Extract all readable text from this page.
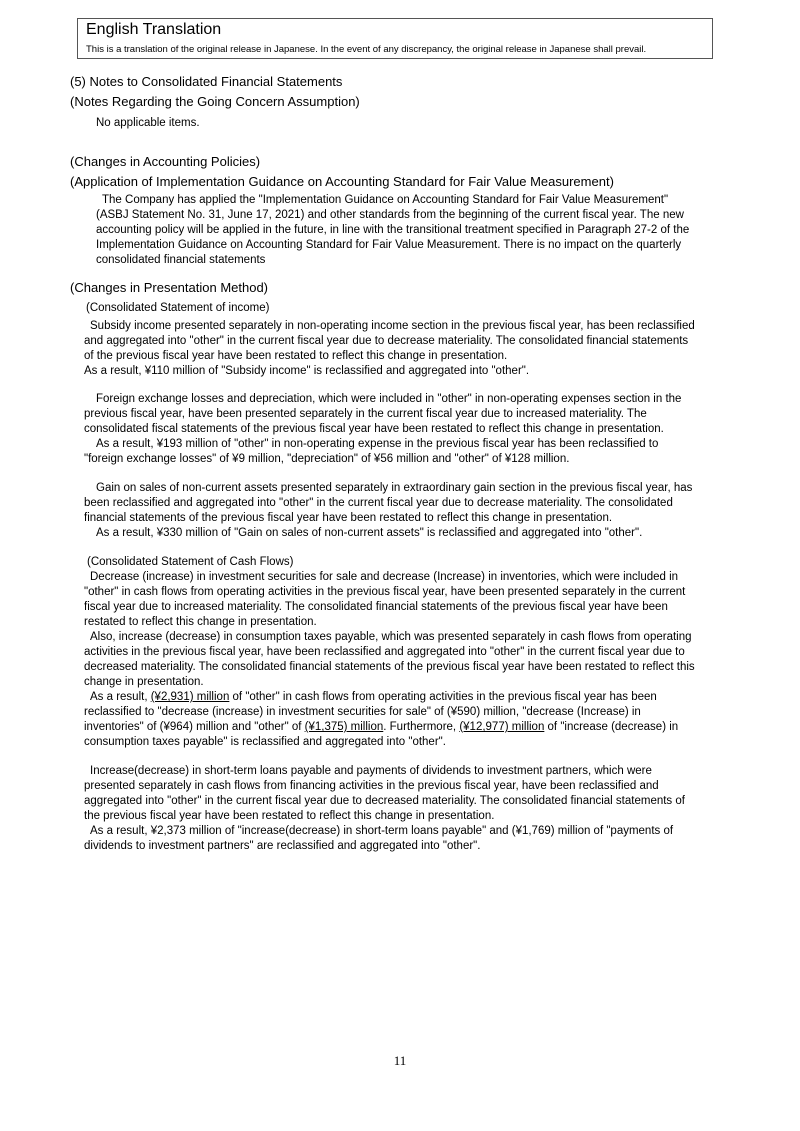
English Translation
This is a translation of the original release in Japanese. In the event of any discrepancy, the original release in Japanese shall prevail.
(5) Notes to Consolidated Financial Statements
(Notes Regarding the Going Concern Assumption)
No applicable items.
(Changes in Accounting Policies)
(Application of Implementation Guidance on Accounting Standard for Fair Value Measurement)
The Company has applied the "Implementation Guidance on Accounting Standard for Fair Value Measurement"
(ASBJ Statement No. 31, June 17, 2021) and other standards from the beginning of the current fiscal year. The new
accounting policy will be applied in the future, in line with the transitional treatment specified in Paragraph 27-2 of the
Implementation Guidance on Accounting Standard for Fair Value Measurement. There is no impact on the quarterly
consolidated financial statements
(Changes in Presentation Method)
(Consolidated Statement of income)
Subsidy income presented separately in non-operating income section in the previous fiscal year, has been reclassified
and aggregated into "other" in the current fiscal year due to decrease materiality. The consolidated financial statements
of the previous fiscal year have been restated to reflect this change in presentation.
As a result, ¥110 million of "Subsidy income" is reclassified and aggregated into "other".
Foreign exchange losses and depreciation, which were included in "other" in non-operating expenses section in the
previous fiscal year, have been presented separately in the current fiscal year due to increased materiality. The
consolidated fiscal statements of the previous fiscal year have been restated to reflect this change in presentation.
As a result, ¥193 million of "other" in non-operating expense in the previous fiscal year has been reclassified to
"foreign exchange losses" of ¥9 million, "depreciation" of ¥56 million and "other" of ¥128 million.
Gain on sales of non-current assets presented separately in extraordinary gain section in the previous fiscal year, has
been reclassified and aggregated into "other" in the current fiscal year due to decrease materiality. The consolidated
financial statements of the previous fiscal year have been restated to reflect this change in presentation.
As a result, ¥330 million of "Gain on sales of non-current assets" is reclassified and aggregated into "other".
(Consolidated Statement of Cash Flows)
Decrease (increase) in investment securities for sale and decrease (Increase) in inventories, which were included in
"other" in cash flows from operating activities in the previous fiscal year, have been presented separately in the current
fiscal year due to increased materiality. The consolidated financial statements of the previous fiscal year have been
restated to reflect this change in presentation.
Also, increase (decrease) in consumption taxes payable, which was presented separately in cash flows from operating
activities in the previous fiscal year, have been reclassified and aggregated into "other" in the current fiscal year due to
decreased materiality. The consolidated financial statements of the previous fiscal year have been restated to reflect this
change in presentation.
As a result, (¥2,931) million of "other" in cash flows from operating activities in the previous fiscal year has been
reclassified to "decrease (increase) in investment securities for sale" of (¥590) million, "decrease (Increase) in
inventories" of (¥964) million and "other" of (¥1,375) million. Furthermore, (¥12,977) million of "increase (decrease) in
consumption taxes payable" is reclassified and aggregated into "other".
Increase(decrease) in short-term loans payable and payments of dividends to investment partners, which were
presented separately in cash flows from financing activities in the previous fiscal year, have been reclassified and
aggregated into "other" in the current fiscal year due to decreased materiality. The consolidated financial statements of
the previous fiscal year have been restated to reflect this change in presentation.
As a result, ¥2,373 million of "increase(decrease) in short-term loans payable" and (¥1,769) million of "payments of
dividends to investment partners" are reclassified and aggregated into "other".
11
